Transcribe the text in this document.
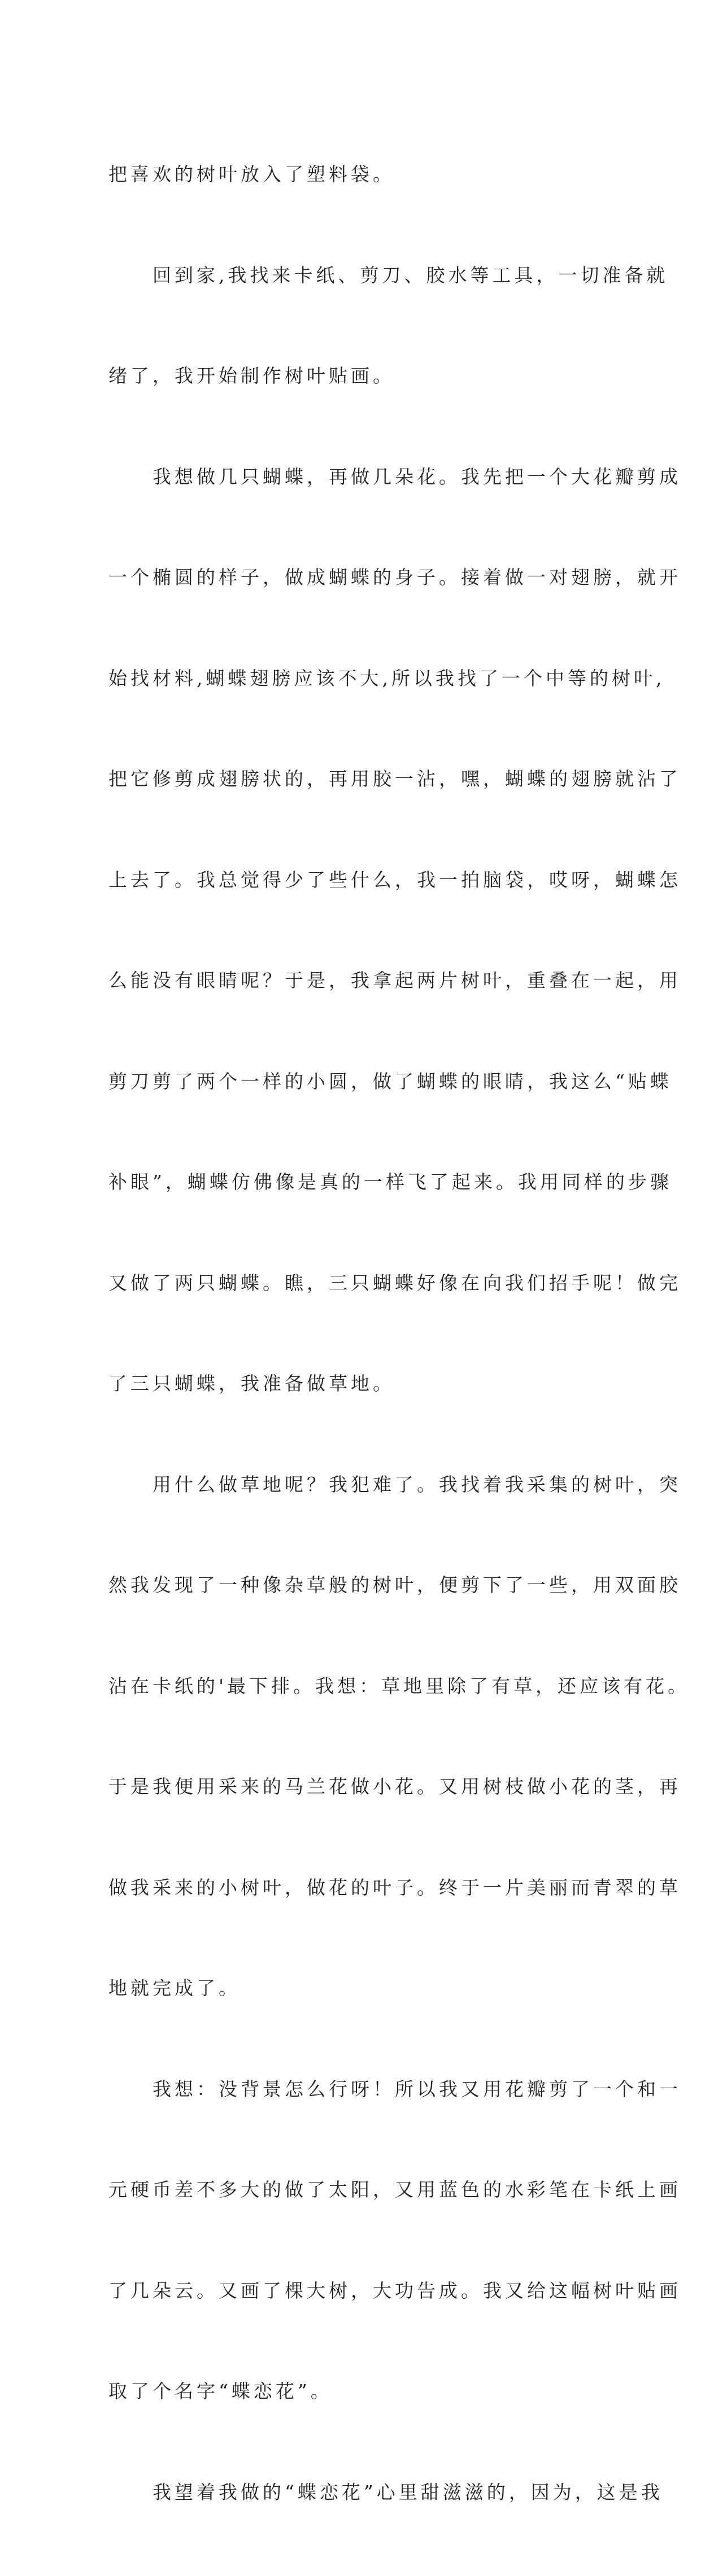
把喜欢的树叶放入了塑料袋。

　　回到家,我找来卡纸、剪刀、胶水等工具，一切准备就

绪了，我开始制作树叶贴画。

　　我想做几只蝴蝶，再做几朵花。我先把一个大花瓣剪成

一个椭圆的样子，做成蝴蝶的身子。接着做一对翅膀，就开

始找材料,蝴蝶翅膀应该不大,所以我找了一个中等的树叶,

把它修剪成翅膀状的，再用胶一沾，嘿，蝴蝶的翅膀就沾了

上去了。我总觉得少了些什么，我一拍脑袋，哎呀，蝴蝶怎

么能没有眼睛呢？于是，我拿起两片树叶，重叠在一起，用

剪刀剪了两个一样的小圆，做了蝴蝶的眼睛，我这么“贴蝶

补眼”，蝴蝶仿佛像是真的一样飞了起来。我用同样的步骤

又做了两只蝴蝶。瞧，三只蝴蝶好像在向我们招手呢！做完

了三只蝴蝶，我准备做草地。

　　用什么做草地呢？我犯难了。我找着我采集的树叶，突

然我发现了一种像杂草般的树叶，便剪下了一些，用双面胶

沾在卡纸的'最下排。我想：草地里除了有草，还应该有花。

于是我便用采来的马兰花做小花。又用树枝做小花的茎，再

做我采来的小树叶，做花的叶子。终于一片美丽而青翠的草

地就完成了。

　　我想：没背景怎么行呀！所以我又用花瓣剪了一个和一

元硬币差不多大的做了太阳，又用蓝色的水彩笔在卡纸上画

了几朵云。又画了棵大树，大功告成。我又给这幅树叶贴画

取了个名字“蝶恋花”。

　　我望着我做的“蝶恋花”心里甜滋滋的，因为，这是我
